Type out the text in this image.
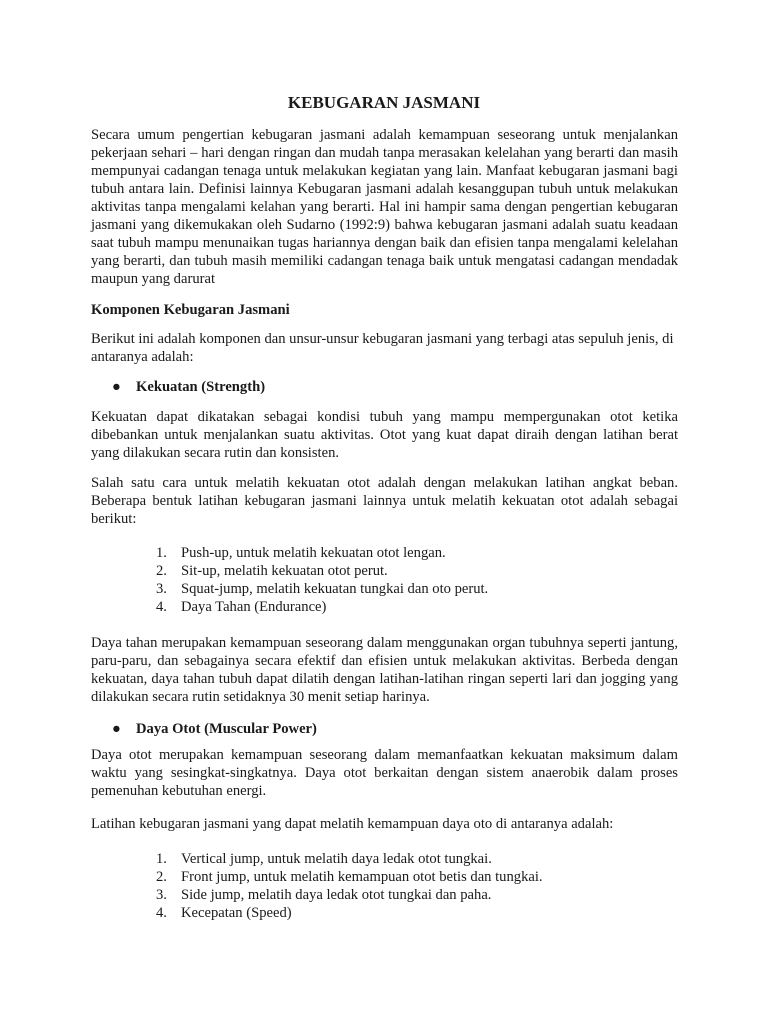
KEBUGARAN JASMANI
Secara umum pengertian kebugaran jasmani adalah kemampuan seseorang untuk menjalankan pekerjaan sehari – hari dengan ringan dan mudah tanpa merasakan kelelahan yang berarti dan masih mempunyai cadangan tenaga untuk melakukan kegiatan yang lain. Manfaat kebugaran jasmani bagi tubuh antara lain. Definisi lainnya Kebugaran jasmani adalah kesanggupan tubuh untuk melakukan aktivitas tanpa mengalami kelahan yang berarti. Hal ini hampir sama dengan pengertian kebugaran jasmani yang dikemukakan oleh Sudarno (1992:9) bahwa kebugaran jasmani adalah suatu keadaan saat tubuh mampu menunaikan tugas hariannya dengan baik dan efisien tanpa mengalami kelelahan yang berarti, dan tubuh masih memiliki cadangan tenaga baik untuk mengatasi cadangan mendadak maupun yang darurat
Komponen Kebugaran Jasmani
Berikut ini adalah komponen dan unsur-unsur kebugaran jasmani yang terbagi atas sepuluh jenis, di antaranya adalah:
● Kekuatan (Strength)
Kekuatan dapat dikatakan sebagai kondisi tubuh yang mampu mempergunakan otot ketika dibebankan untuk menjalankan suatu aktivitas. Otot yang kuat dapat diraih dengan latihan berat yang dilakukan secara rutin dan konsisten.
Salah satu cara untuk melatih kekuatan otot adalah dengan melakukan latihan angkat beban. Beberapa bentuk latihan kebugaran jasmani lainnya untuk melatih kekuatan otot adalah sebagai berikut:
1. Push-up, untuk melatih kekuatan otot lengan.
2. Sit-up, melatih kekuatan otot perut.
3. Squat-jump, melatih kekuatan tungkai dan oto perut.
4. Daya Tahan (Endurance)
Daya tahan merupakan kemampuan seseorang dalam menggunakan organ tubuhnya seperti jantung, paru-paru, dan sebagainya secara efektif dan efisien untuk melakukan aktivitas. Berbeda dengan kekuatan, daya tahan tubuh dapat dilatih dengan latihan-latihan ringan seperti lari dan jogging yang dilakukan secara rutin setidaknya 30 menit setiap harinya.
● Daya Otot (Muscular Power)
Daya otot merupakan kemampuan seseorang dalam memanfaatkan kekuatan maksimum dalam waktu yang sesingkat-singkatnya. Daya otot berkaitan dengan sistem anaerobik dalam proses pemenuhan kebutuhan energi.
Latihan kebugaran jasmani yang dapat melatih kemampuan daya oto di antaranya adalah:
1. Vertical jump, untuk melatih daya ledak otot tungkai.
2. Front jump, untuk melatih kemampuan otot betis dan tungkai.
3. Side jump, melatih daya ledak otot tungkai dan paha.
4. Kecepatan (Speed)
